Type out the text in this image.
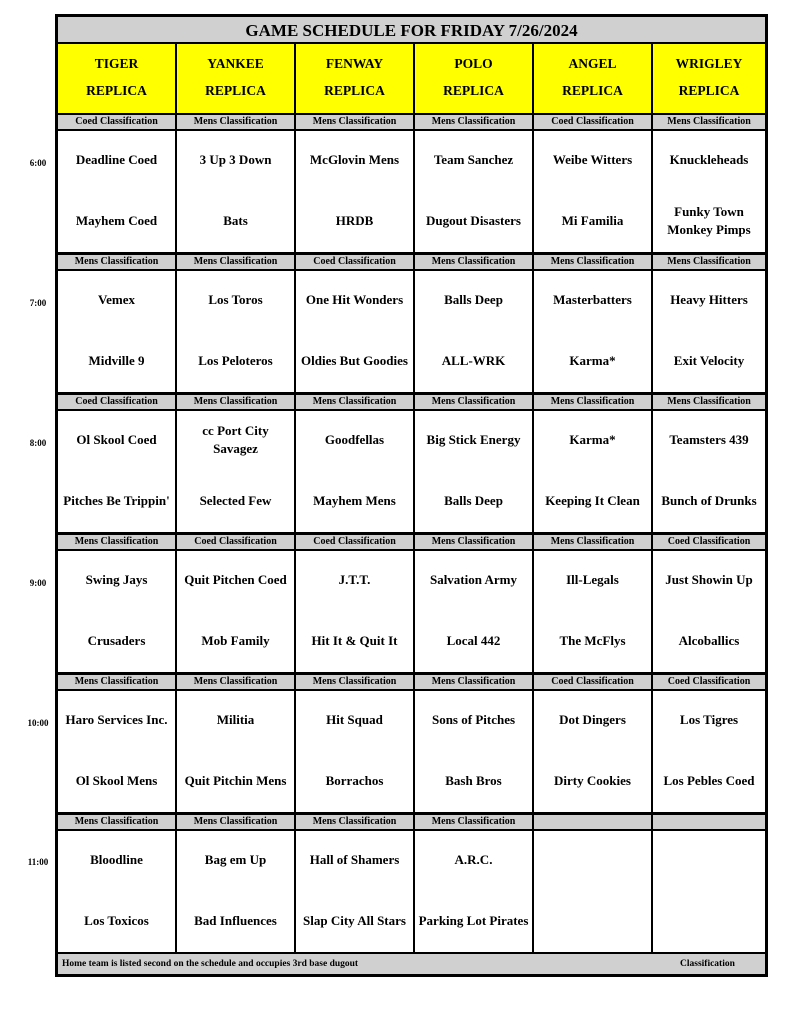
GAME SCHEDULE FOR FRIDAY 7/26/2024
TIGER
REPLICA
YANKEE
REPLICA
FENWAY
REPLICA
POLO
REPLICA
ANGEL
REPLICA
WRIGLEY
REPLICA
Coed Classification
Deadline Coed
Mayhem Coed
Mens Classification
3 Up 3 Down
Bats
Mens Classification
McGlovin Mens
HRDB
Mens Classification
Team Sanchez
Dugout Disasters
Coed Classification
Weibe Witters
Mi Familia
Mens Classification
Knuckleheads
Funky Town Monkey Pimps
Mens Classification
Vemex
Midville 9
Mens Classification
Los Toros
Los Peloteros
Coed Classification
One Hit Wonders
Oldies But Goodies
Mens Classification
Balls Deep
ALL-WRK
Mens Classification
Masterbatters
Karma*
Mens Classification
Heavy Hitters
Exit Velocity
Coed Classification
Ol Skool Coed
Pitches Be Trippin'
Mens Classification
cc Port City Savagez
Selected Few
Mens Classification
Goodfellas
Mayhem Mens
Mens Classification
Big Stick Energy
Balls Deep
Mens Classification
Karma*
Keeping It Clean
Mens Classification
Teamsters 439
Bunch of Drunks
Mens Classification
Swing Jays
Crusaders
Coed Classification
Quit Pitchen Coed
Mob Family
Coed Classification
J.T.T.
Hit It & Quit It
Mens Classification
Salvation Army
Local 442
Mens Classification
Ill-Legals
The McFlys
Coed Classification
Just Showin Up
Alcoballics
Mens Classification
Haro Services Inc.
Ol Skool Mens
Mens Classification
Militia
Quit Pitchin Mens
Mens Classification
Hit Squad
Borrachos
Mens Classification
Sons of Pitches
Bash Bros
Coed Classification
Dot Dingers
Dirty Cookies
Coed Classification
Los Tigres
Los Pebles Coed
Mens Classification
Bloodline
Los Toxicos
Mens Classification
Bag em Up
Bad Influences
Mens Classification
Hall of Shamers
Slap City All Stars
Mens Classification
A.R.C.
Parking Lot Pirates
Home team is listed second on the schedule and occupies 3rd base dugout	Classification
6:00
7:00
8:00
9:00
10:00
11:00
